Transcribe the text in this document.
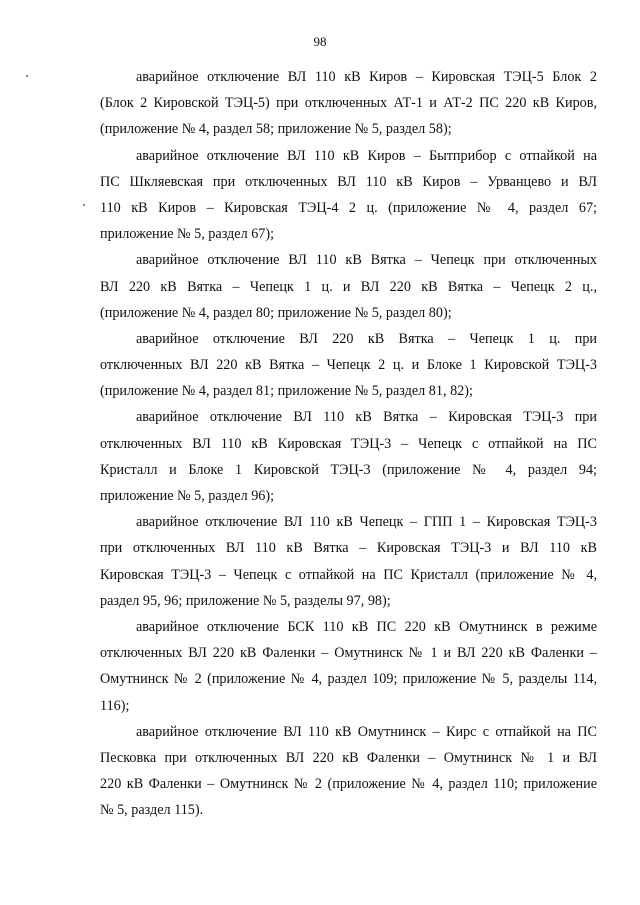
98
аварийное отключение ВЛ 110 кВ Киров – Кировская ТЭЦ-5 Блок 2
(Блок 2 Кировской ТЭЦ-5) при отключенных АТ-1 и АТ-2 ПС 220 кВ Киров,
(приложение № 4, раздел 58; приложение № 5, раздел 58);
аварийное отключение ВЛ 110 кВ Киров – Бытприбор с отпайкой на
ПС Шкляевская при отключенных ВЛ 110 кВ Киров – Урванцево и ВЛ
110 кВ Киров – Кировская ТЭЦ-4 2 ц. (приложение № 4, раздел 67;
приложение № 5, раздел 67);
аварийное отключение ВЛ 110 кВ Вятка – Чепецк при отключенных
ВЛ 220 кВ Вятка – Чепецк 1 ц. и ВЛ 220 кВ Вятка – Чепецк 2 ц.,
(приложение № 4, раздел 80; приложение № 5, раздел 80);
аварийное отключение ВЛ 220 кВ Вятка – Чепецк 1 ц. при
отключенных ВЛ 220 кВ Вятка – Чепецк 2 ц. и Блоке 1 Кировской ТЭЦ-3
(приложение № 4, раздел 81; приложение № 5, раздел 81, 82);
аварийное отключение ВЛ 110 кВ Вятка – Кировская ТЭЦ-3 при
отключенных ВЛ 110 кВ Кировская ТЭЦ-3 – Чепецк с отпайкой на ПС
Кристалл и Блоке 1 Кировской ТЭЦ-3 (приложение № 4, раздел 94;
приложение № 5, раздел 96);
аварийное отключение ВЛ 110 кВ Чепецк – ГПП 1 – Кировская ТЭЦ-3
при отключенных ВЛ 110 кВ Вятка – Кировская ТЭЦ-3 и ВЛ 110 кВ
Кировская ТЭЦ-3 – Чепецк с отпайкой на ПС Кристалл (приложение № 4,
раздел 95, 96; приложение № 5, разделы 97, 98);
аварийное отключение БСК 110 кВ ПС 220 кВ Омутнинск в режиме
отключенных ВЛ 220 кВ Фаленки – Омутнинск № 1 и ВЛ 220 кВ Фаленки –
Омутнинск № 2 (приложение № 4, раздел 109; приложение № 5, разделы 114,
116);
аварийное отключение ВЛ 110 кВ Омутнинск – Кирс с отпайкой на ПС
Песковка при отключенных ВЛ 220 кВ Фаленки – Омутнинск № 1 и ВЛ
220 кВ Фаленки – Омутнинск № 2 (приложение № 4, раздел 110; приложение
№ 5, раздел 115).
